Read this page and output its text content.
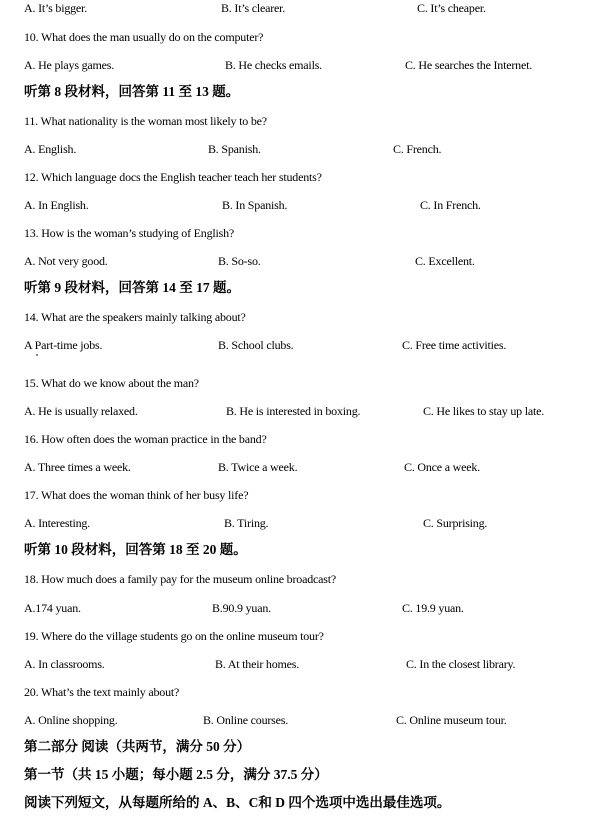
A. It’s bigger.	B. It’s clearer.	C. It’s cheaper.
10. What does the man usually do on the computer?
A. He plays games.	B. He checks emails.	C. He searches the Internet.
听第 8 段材料，回答第 11 至 13 题。
11. What nationality is the woman most likely to be?
A. English.	B. Spanish.	C. French.
12. Which language docs the English teacher teach her students?
A. In English.	B. In Spanish.	C. In French.
13. How is the woman’s studying of English?
A. Not very good.	B. So-so.	C. Excellent.
听第 9 段材料，回答第 14 至 17 题。
14. What are the speakers mainly talking about?
A Part-time jobs.	B. School clubs.	C. Free time activities.
15. What do we know about the man?
A. He is usually relaxed.	B. He is interested in boxing.	C. He likes to stay up late.
16. How often does the woman practice in the band?
A. Three times a week.	B. Twice a week.	C. Once a week.
17. What does the woman think of her busy life?
A. Interesting.	B. Tiring.	C. Surprising.
听第 10 段材料，回答第 18 至 20 题。
18. How much does a family pay for the museum online broadcast?
A.174 yuan.	B.90.9 yuan.	C. 19.9 yuan.
19. Where do the village students go on the online museum tour?
A. In classrooms.	B. At their homes.	C. In the closest library.
20. What’s the text mainly about?
A. Online shopping.	B. Online courses.	C. Online museum tour.
第二部分 阅读（共两节，满分 50 分）
第一节（共 15 小题；每小题 2.5 分，满分 37.5 分）
阅读下列短文，从每题所给的 A、B、C和 D 四个选项中选出最佳选项。
